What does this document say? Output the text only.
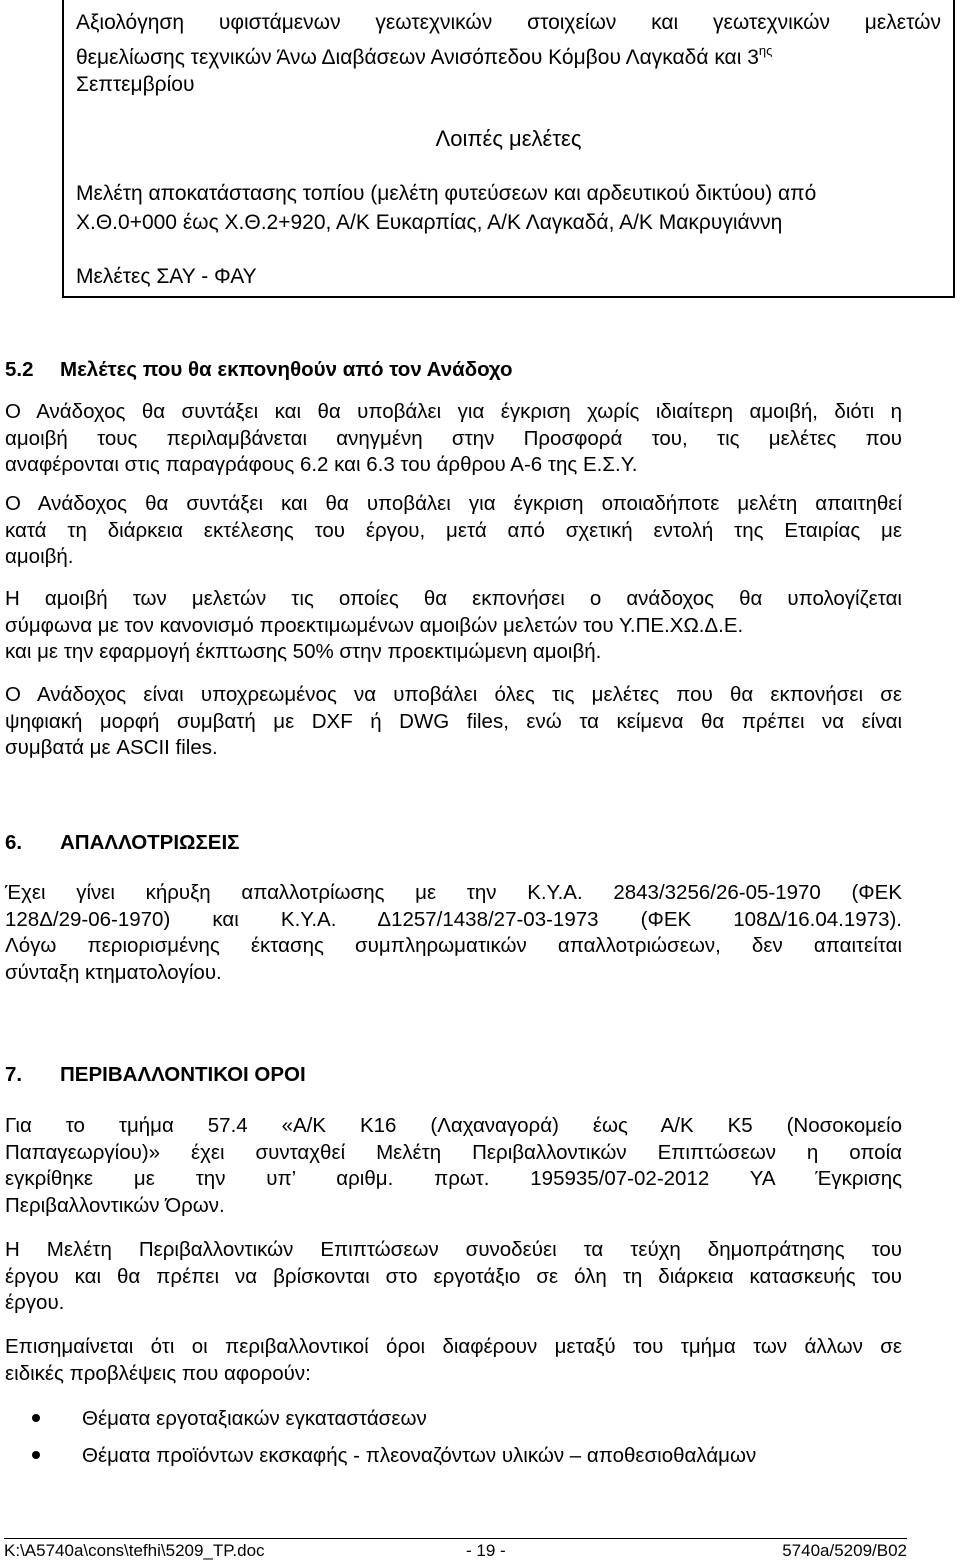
Αξιολόγηση υφιστάμενων γεωτεχνικών στοιχείων και γεωτεχνικών μελετών
θεμελίωσης τεχνικών Άνω Διαβάσεων Ανισόπεδου Κόμβου Λαγκαδά και $3^{\eta\varsigma}$
Σεπτεμβρίου
Λοιπές μελέτες
Μελέτη αποκατάστασης τοπίου (μελέτη φυτεύσεων και αρδευτικού δικτύου) από
Χ.Θ.0+000 έως Χ.Θ.2+920, Α/Κ Ευκαρπίας, Α/Κ Λαγκαδά, Α/Κ Μακρυγιάννη
Μελέτες ΣΑΥ - ΦΑΥ
5.2 Μελέτες που θα εκπονηθούν από τον Ανάδοχο
Ο Ανάδοχος θα συντάξει και θα υποβάλει για έγκριση χωρίς ιδιαίτερη αμοιβή, διότι η
αμοιβή τους περιλαμβάνεται ανηγμένη στην Προσφορά του, τις μελέτες που
αναφέρονται στις παραγράφους 6.2 και 6.3 του άρθρου Α-6 της Ε.Σ.Υ.
Ο Ανάδοχος θα συντάξει και θα υποβάλει για έγκριση οποιαδήποτε μελέτη απαιτηθεί
κατά τη διάρκεια εκτέλεσης του έργου, μετά από σχετική εντολή της Εταιρίας με
αμοιβή.
Η αμοιβή των μελετών τις οποίες θα εκπονήσει ο ανάδοχος θα υπολογίζεται
σύμφωνα με τον κανονισμό προεκτιμωμένων αμοιβών μελετών του Υ.ΠΕ.ΧΩ.Δ.Ε.
και με την εφαρμογή έκπτωσης 50% στην προεκτιμώμενη αμοιβή.
Ο Ανάδοχος είναι υποχρεωμένος να υποβάλει όλες τις μελέτες που θα εκπονήσει σε
ψηφιακή μορφή συμβατή με DXF ή DWG files, ενώ τα κείμενα θα πρέπει να είναι
συμβατά με ASCII files.
6. ΑΠΑΛΛΟΤΡΙΩΣΕΙΣ
Έχει γίνει κήρυξη απαλλοτρίωσης με την Κ.Υ.Α. 2843/3256/26-05-1970 (ΦΕΚ
128Δ/29-06-1970) και Κ.Υ.Α. Δ1257/1438/27-03-1973 (ΦΕΚ 108Δ/16.04.1973).
Λόγω περιορισμένης έκτασης συμπληρωματικών απαλλοτριώσεων, δεν απαιτείται
σύνταξη κτηματολογίου.
7. ΠΕΡΙΒΑΛΛΟΝΤΙΚΟΙ ΟΡΟΙ
Για το τμήμα 57.4 «Α/Κ Κ16 (Λαχαναγορά) έως Α/Κ Κ5 (Νοσοκομείο
Παπαγεωργίου)» έχει συνταχθεί Μελέτη Περιβαλλοντικών Επιπτώσεων η οποία
εγκρίθηκε με την υπ’ αριθμ. πρωτ. 195935/07-02-2012 ΥΑ Έγκρισης
Περιβαλλοντικών Όρων.
Η Μελέτη Περιβαλλοντικών Επιπτώσεων συνοδεύει τα τεύχη δημοπράτησης του
έργου και θα πρέπει να βρίσκονται στο εργοτάξιο σε όλη τη διάρκεια κατασκευής του
έργου.
Επισημαίνεται ότι οι περιβαλλοντικοί όροι διαφέρουν μεταξύ του τμήμα των άλλων σε
ειδικές προβλέψεις που αφορούν:
Θέματα εργοταξιακών εγκαταστάσεων
Θέματα προϊόντων εκσκαφής - πλεοναζόντων υλικών – αποθεσιοθαλάμων
K:\A5740a\cons\tefhi\5209_TP.doc	- 19 -	5740a/5209/B02
